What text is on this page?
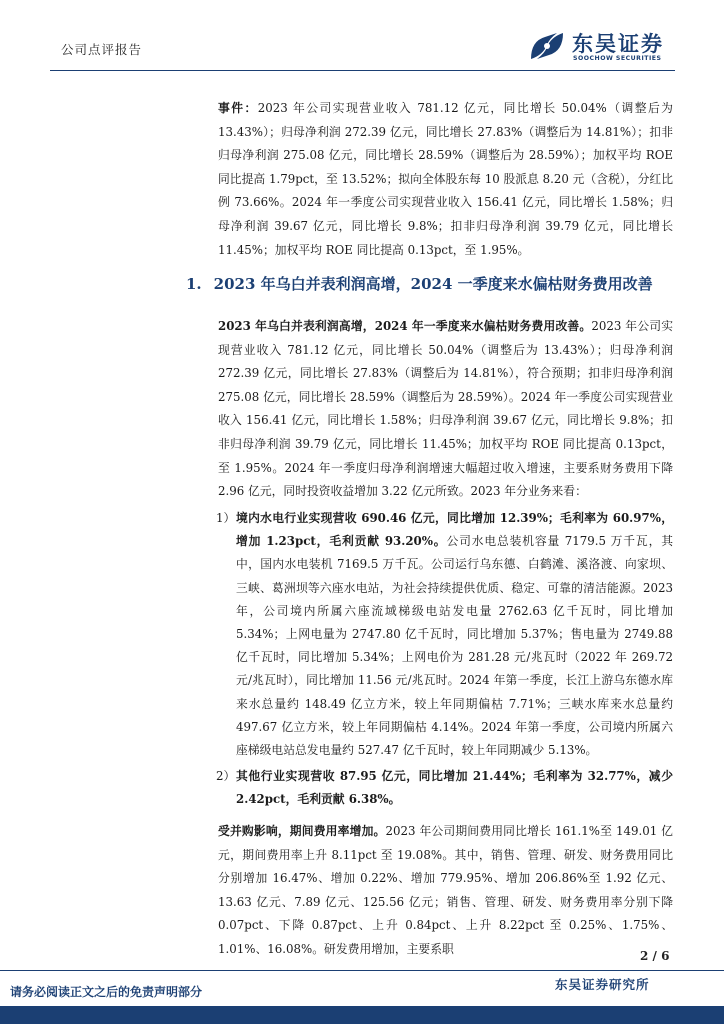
公司点评报告	东吴证券
SOOCHOW SECURITIES
事件：2023 年公司实现营业收入 781.12 亿元，同比增长 50.04%（调整后为 13.43%）；归母净利润 272.39 亿元，同比增长 27.83%（调整后为 14.81%）；扣非归母净利润 275.08 亿元，同比增长 28.59%（调整后为 28.59%）；加权平均 ROE 同比提高 1.79pct，至 13.52%；拟向全体股东每 10 股派息 8.20 元（含税），分红比例 73.66%。2024 年一季度公司实现营业收入 156.41 亿元，同比增长 1.58%；归母净利润 39.67 亿元，同比增长 9.8%；扣非归母净利润 39.79 亿元，同比增长 11.45%；加权平均 ROE 同比提高 0.13pct，至 1.95%。
1. 2023 年乌白并表利润高增，2024 一季度来水偏枯财务费用改善
2023 年乌白并表利润高增，2024 年一季度来水偏枯财务费用改善。2023 年公司实现营业收入 781.12 亿元，同比增长 50.04%（调整后为 13.43%）；归母净利润 272.39 亿元，同比增长 27.83%（调整后为 14.81%），符合预期；扣非归母净利润 275.08 亿元，同比增长 28.59%（调整后为 28.59%）。2024 年一季度公司实现营业收入 156.41 亿元，同比增长 1.58%；归母净利润 39.67 亿元，同比增长 9.8%；扣非归母净利润 39.79 亿元，同比增长 11.45%；加权平均 ROE 同比提高 0.13pct，至 1.95%。2024 年一季度归母净利润增速大幅超过收入增速，主要系财务费用下降 2.96 亿元，同时投资收益增加 3.22 亿元所致。2023 年分业务来看：
1） 境内水电行业实现营收 690.46 亿元，同比增加 12.39%；毛利率为 60.97%，增加 1.23pct，毛利贡献 93.20%。公司水电总装机容量 7179.5 万千瓦，其中，国内水电装机 7169.5 万千瓦。公司运行乌东德、白鹤滩、溪洛渡、向家坝、三峡、葛洲坝等六座水电站，为社会持续提供优质、稳定、可靠的清洁能源。2023 年，公司境内所属六座流域梯级电站发电量 2762.63 亿千瓦时，同比增加 5.34%；上网电量为 2747.80 亿千瓦时，同比增加 5.37%；售电量为 2749.88 亿千瓦时，同比增加 5.34%；上网电价为 281.28 元/兆瓦时（2022 年 269.72 元/兆瓦时），同比增加 11.56 元/兆瓦时。2024 年第一季度，长江上游乌东德水库来水总量约 148.49 亿立方米，较上年同期偏枯 7.71%；三峡水库来水总量约 497.67 亿立方米，较上年同期偏枯 4.14%。2024 年第一季度，公司境内所属六座梯级电站总发电量约 527.47 亿千瓦时，较上年同期减少 5.13%。
2） 其他行业实现营收 87.95 亿元，同比增加 21.44%；毛利率为 32.77%，减少 2.42pct，毛利贡献 6.38%。
受并购影响，期间费用率增加。2023 年公司期间费用同比增长 161.1%至 149.01 亿元，期间费用率上升 8.11pct 至 19.08%。其中，销售、管理、研发、财务费用同比分别增加 16.47%、增加 0.22%、增加 779.95%、增加 206.86%至 1.92 亿元、13.63 亿元、7.89 亿元、125.56 亿元；销售、管理、研发、财务费用率分别下降 0.07pct、下降 0.87pct、上升 0.84pct、上升 8.22pct 至 0.25%、1.75%、1.01%、16.08%。研发费用增加，主要系职
2 / 6
请务必阅读正文之后的免责声明部分	东吴证券研究所
